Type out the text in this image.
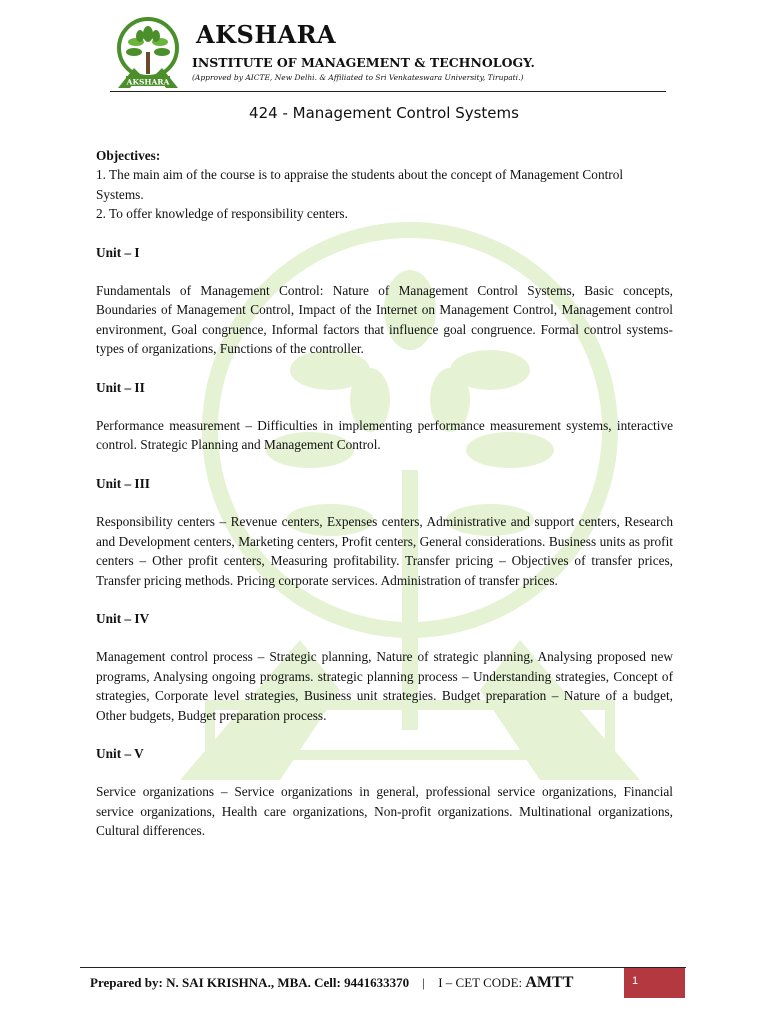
AKSHARA
AKSHARA
INSTITUTE OF MANAGEMENT & TECHNOLOGY.
(Approved by AICTE, New Delhi. & Affiliated to Sri Venkateswara University, Tirupati.)
424 - Management Control Systems

Objectives:

1. The main aim of the course is to appraise the students about the concept of Management Control Systems.

2. To offer knowledge of responsibility centers.

Unit – I

Fundamentals of Management Control: Nature of Management Control Systems, Basic concepts, Boundaries of Management Control, Impact of the Internet on Management Control, Management control environment, Goal congruence, Informal factors that influence goal congruence. Formal control systems- types of organizations, Functions of the controller.

Unit – II

Performance measurement – Difficulties in implementing performance measurement systems, interactive control. Strategic Planning and Management Control.

Unit – III

Responsibility centers – Revenue centers, Expenses centers, Administrative and support centers, Research and Development centers, Marketing centers, Profit centers, General considerations. Business units as profit centers – Other profit centers, Measuring profitability. Transfer pricing – Objectives of transfer prices, Transfer pricing methods. Pricing corporate services. Administration of transfer prices.

Unit – IV

Management control process – Strategic planning, Nature of strategic planning, Analysing proposed new programs, Analysing ongoing programs. strategic planning process – Understanding strategies, Concept of strategies, Corporate level strategies, Business unit strategies. Budget preparation – Nature of a budget, Other budgets, Budget preparation process.

Unit – V

Service organizations – Service organizations in general, professional service organizations, Financial service organizations, Health care organizations, Non-profit organizations. Multinational organizations, Cultural differences.

Prepared by: N. SAI KRISHNA., MBA. Cell: 9441633370 | I – CET CODE: AMTT	1
